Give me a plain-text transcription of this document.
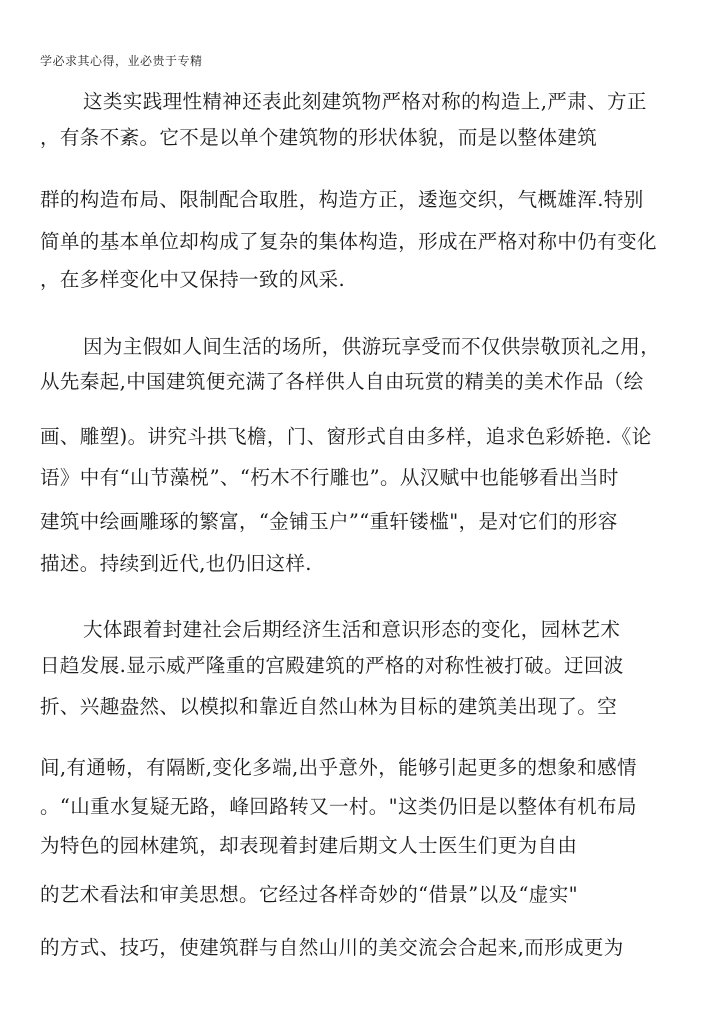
学必求其心得，业必贵于专精
这类实践理性精神还表此刻建筑物严格对称的构造上,严肃、方正
，有条不紊。它不是以单个建筑物的形状体貌，而是以整体建筑
群的构造布局、限制配合取胜，构造方正，逶迤交织，气概雄浑.特别
简单的基本单位却构成了复杂的集体构造，形成在严格对称中仍有变化
，在多样变化中又保持一致的风采.
因为主假如人间生活的场所，供游玩享受而不仅供崇敬顶礼之用，
从先秦起,中国建筑便充满了各样供人自由玩赏的精美的美术作品（绘
画、雕塑)。讲究斗拱飞檐，门、窗形式自由多样，追求色彩娇艳.《论
语》中有“山节藻棁”、“朽木不行雕也”。从汉赋中也能够看出当时
建筑中绘画雕琢的繁富，“金铺玉户”“重轩镂槛"，是对它们的形容
描述。持续到近代,也仍旧这样.
大体跟着封建社会后期经济生活和意识形态的变化，园林艺术
日趋发展.显示威严隆重的宫殿建筑的严格的对称性被打破。迂回波
折、兴趣盎然、以模拟和靠近自然山林为目标的建筑美出现了。空
间,有通畅，有隔断,变化多端,出乎意外，能够引起更多的想象和感情
。“山重水复疑无路，峰回路转又一村。"这类仍旧是以整体有机布局
为特色的园林建筑，却表现着封建后期文人士医生们更为自由
的艺术看法和审美思想。它经过各样奇妙的“借景”以及“虚实"
的方式、技巧，使建筑群与自然山川的美交流会合起来,而形成更为
